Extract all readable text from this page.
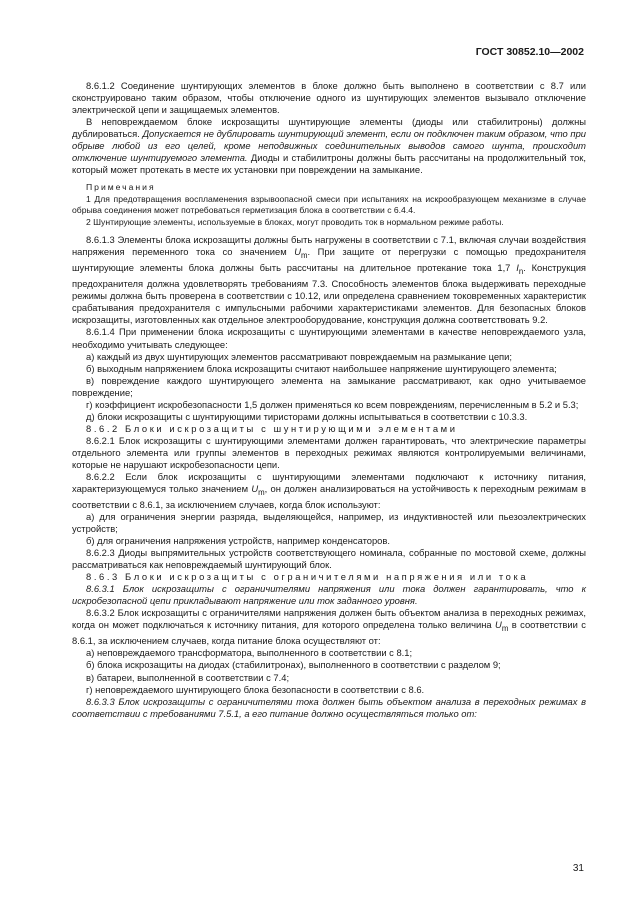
ГОСТ 30852.10—2002

8.6.1.2 Соединение шунтирующих элементов в блоке должно быть выполнено в соответствии с 8.7 или сконструировано таким образом, чтобы отключение одного из шунтирующих элементов вызывало отключение электрической цепи и защищаемых элементов.

В неповреждаемом блоке искрозащиты шунтирующие элементы (диоды или стабилитроны) должны дублироваться. Допускается не дублировать шунтирующий элемент, если он подключен таким образом, что при обрыве любой из его целей, кроме неподвижных соединительных выводов самого шунта, происходит отключение шунтируемого элемента. Диоды и стабилитроны должны быть рассчитаны на продолжительный ток, который может протекать в месте их установки при повреждении на замыкание.

Примечания

1 Для предотвращения воспламенения взрывоопасной смеси при испытаниях на искрообразующем механизме в случае обрыва соединения может потребоваться герметизация блока в соответствии с 6.4.4.

2 Шунтирующие элементы, используемые в блоках, могут проводить ток в нормальном режиме работы.

8.6.1.3 Элементы блока искрозащиты должны быть нагружены в соответствии с 7.1, включая случаи воздействия напряжения переменного тока со значением $U_m$. При защите от перегрузки с помощью предохранителя шунтирующие элементы блока должны быть рассчитаны на длительное протекание тока 1,7 $I_n$. Конструкция предохранителя должна удовлетворять требованиям 7.3. Способность элементов блока выдерживать переходные режимы должна быть проверена в соответствии с 10.12, или определена сравнением токовременных характеристик срабатывания предохранителя с импульсными рабочими характеристиками элементов. Для безопасных блоков искрозащиты, изготовленных как отдельное электрооборудование, конструкция должна соответствовать 9.2.

8.6.1.4 При применении блока искрозащиты с шунтирующими элементами в качестве неповреждаемого узла, необходимо учитывать следующее:

а) каждый из двух шунтирующих элементов рассматривают повреждаемым на размыкание цепи;

б) выходным напряжением блока искрозащиты считают наибольшее напряжение шунтирующего элемента;

в) повреждение каждого шунтирующего элемента на замыкание рассматривают, как одно учитываемое повреждение;

г) коэффициент искробезопасности 1,5 должен применяться ко всем повреждениям, перечисленным в 5.2 и 5.3;

д) блоки искрозащиты с шунтирующими тиристорами должны испытываться в соответствии с 10.3.3.

8.6.2 Блоки искрозащиты с шунтирующими элементами

8.6.2.1 Блок искрозащиты с шунтирующими элементами должен гарантировать, что электрические параметры отдельного элемента или группы элементов в переходных режимах являются контролируемыми величинами, которые не нарушают искробезопасности цепи.

8.6.2.2 Если блок искрозащиты с шунтирующими элементами подключают к источнику питания, характеризующемуся только значением $U_m$, он должен анализироваться на устойчивость к переходным режимам в соответствии с 8.6.1, за исключением случаев, когда блок используют:

а) для ограничения энергии разряда, выделяющейся, например, из индуктивностей или пьезоэлектрических устройств;

б) для ограничения напряжения устройств, например конденсаторов.

8.6.2.3 Диоды выпрямительных устройств соответствующего номинала, собранные по мостовой схеме, должны рассматриваться как неповреждаемый шунтирующий блок.

8.6.3 Блоки искрозащиты с ограничителями напряжения или тока

8.6.3.1 Блок искрозащиты с ограничителями напряжения или тока должен гарантировать, что к искробезопасной цепи прикладывают напряжение или ток заданного уровня.

8.6.3.2 Блок искрозащиты с ограничителями напряжения должен быть объектом анализа в переходных режимах, когда он может подключаться к источнику питания, для которого определена только величина $U_m$ в соответствии с 8.6.1, за исключением случаев, когда питание блока осуществляют от:

а) неповреждаемого трансформатора, выполненного в соответствии с 8.1;

б) блока искрозащиты на диодах (стабилитронах), выполненного в соответствии с разделом 9;

в) батареи, выполненной в соответствии с 7.4;

г) неповреждаемого шунтирующего блока безопасности в соответствии с 8.6.

8.6.3.3 Блок искрозащиты с ограничителями тока должен быть объектом анализа в переходных режимах в соответствии с требованиями 7.5.1, а его питание должно осуществляться только от:

31
